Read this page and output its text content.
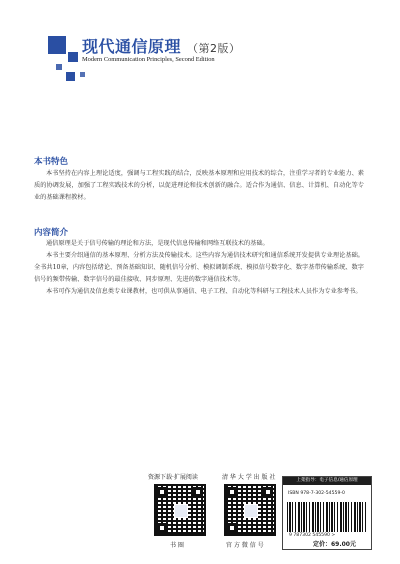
现代通信原理 （第2版）
Modern Communication Principles, Second Edition
本书特色

本书坚持在内容上理论适度，强调与工程实践的结合，反映基本原理和应用技术的综合，注重学习者的专业能力、素质的协调发展，加强了工程实践技术的分析，以促进理论和技术创新的融合。适合作为通信、信息、计算机、自动化等专业的基础课程教材。

内容简介

通信原理是关于信号传输的理论和方法，是现代信息传输和网络互联技术的基础。

本书主要介绍通信的基本原理、分析方法及传输技术。这些内容为通信技术研究和通信系统开发提供专业理论基础。全书共10章，内容包括绪论、预备基础知识、随机信号分析、模拟调制系统、模拟信号数字化、数字基带传输系统、数字信号的频带传输、数字信号的最佳接收、同步原理、先进的数字通信技术等。

本书可作为通信及信息类专业课教材，也可供从事通信、电子工程、自动化等科研与工程技术人员作为专业参考书。

资源下载·扩展阅读
书 圈
清 华 大 学 出 版 社
官 方 微 信 号
上架指导：电子信息/通信原理
ISBN 978-7-302-54559-0
9 787302 545590 >
定价：69.00元
